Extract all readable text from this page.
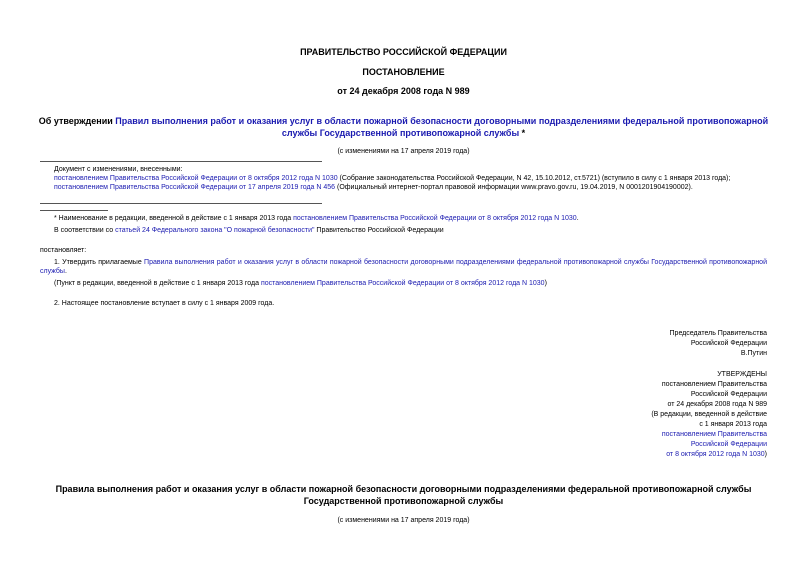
ПРАВИТЕЛЬСТВО РОССИЙСКОЙ ФЕДЕРАЦИИ
ПОСТАНОВЛЕНИЕ
от 24 декабря 2008 года N 989
Об утверждении Правил выполнения работ и оказания услуг в области пожарной безопасности договорными подразделениями федеральной противопожарной службы Государственной противопожарной службы *
(с изменениями на 17 апреля 2019 года)
Документ с изменениями, внесенными:
постановлением Правительства Российской Федерации от 8 октября 2012 года N 1030 (Собрание законодательства Российской Федерации, N 42, 15.10.2012, ст.5721) (вступило в силу с 1 января 2013 года);
постановлением Правительства Российской Федерации от 17 апреля 2019 года N 456 (Официальный интернет-портал правовой информации www.pravo.gov.ru, 19.04.2019, N 0001201904190002).
* Наименование в редакции, введенной в действие с 1 января 2013 года постановлением Правительства Российской Федерации от 8 октября 2012 года N 1030.
В соответствии со статьей 24 Федерального закона "О пожарной безопасности" Правительство Российской Федерации
постановляет:
1. Утвердить прилагаемые Правила выполнения работ и оказания услуг в области пожарной безопасности договорными подразделениями федеральной противопожарной службы Государственной противопожарной службы.
(Пункт в редакции, введенной в действие с 1 января 2013 года постановлением Правительства Российской Федерации от 8 октября 2012 года N 1030)
2. Настоящее постановление вступает в силу с 1 января 2009 года.
Председатель Правительства
Российской Федерации
В.Путин
УТВЕРЖДЕНЫ
постановлением Правительства
Российской Федерации
от 24 декабря 2008 года N 989
(В редакции, введенной в действие
с 1 января 2013 года
постановлением Правительства
Российской Федерации
от 8 октября 2012 года N 1030)
Правила выполнения работ и оказания услуг в области пожарной безопасности договорными подразделениями федеральной противопожарной службы
Государственной противопожарной службы
(с изменениями на 17 апреля 2019 года)
